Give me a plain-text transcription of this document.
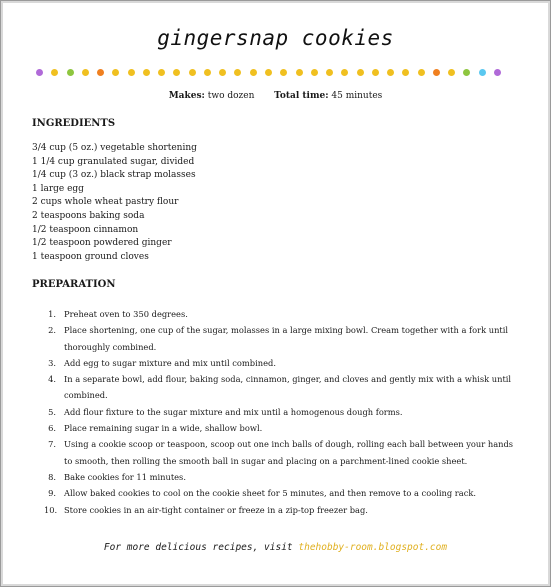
gingersnap cookies
Makes: two dozen Total time: 45 minutes
INGREDIENTS
3/4 cup (5 oz.) vegetable shortening
1 1/4 cup granulated sugar, divided
1/4 cup (3 oz.) black strap molasses
1 large egg
2 cups whole wheat pastry flour
2 teaspoons baking soda
1/2 teaspoon cinnamon
1/2 teaspoon powdered ginger
1 teaspoon ground cloves
PREPARATION
1. Preheat oven to 350 degrees.
2. Place shortening, one cup of the sugar, molasses in a large mixing bowl. Cream together with a fork until thoroughly combined.
3. Add egg to sugar mixture and mix until combined.
4. In a separate bowl, add flour, baking soda, cinnamon, ginger, and cloves and gently mix with a whisk until combined.
5. Add flour fixture to the sugar mixture and mix until a homogenous dough forms.
6. Place remaining sugar in a wide, shallow bowl.
7. Using a cookie scoop or teaspoon, scoop out one inch balls of dough, rolling each ball between your hands to smooth, then rolling the smooth ball in sugar and placing on a parchment-lined cookie sheet.
8. Bake cookies for 11 minutes.
9. Allow baked cookies to cool on the cookie sheet for 5 minutes, and then remove to a cooling rack.
10. Store cookies in an air-tight container or freeze in a zip-top freezer bag.
For more delicious recipes, visit thehobby-room.blogspot.com
